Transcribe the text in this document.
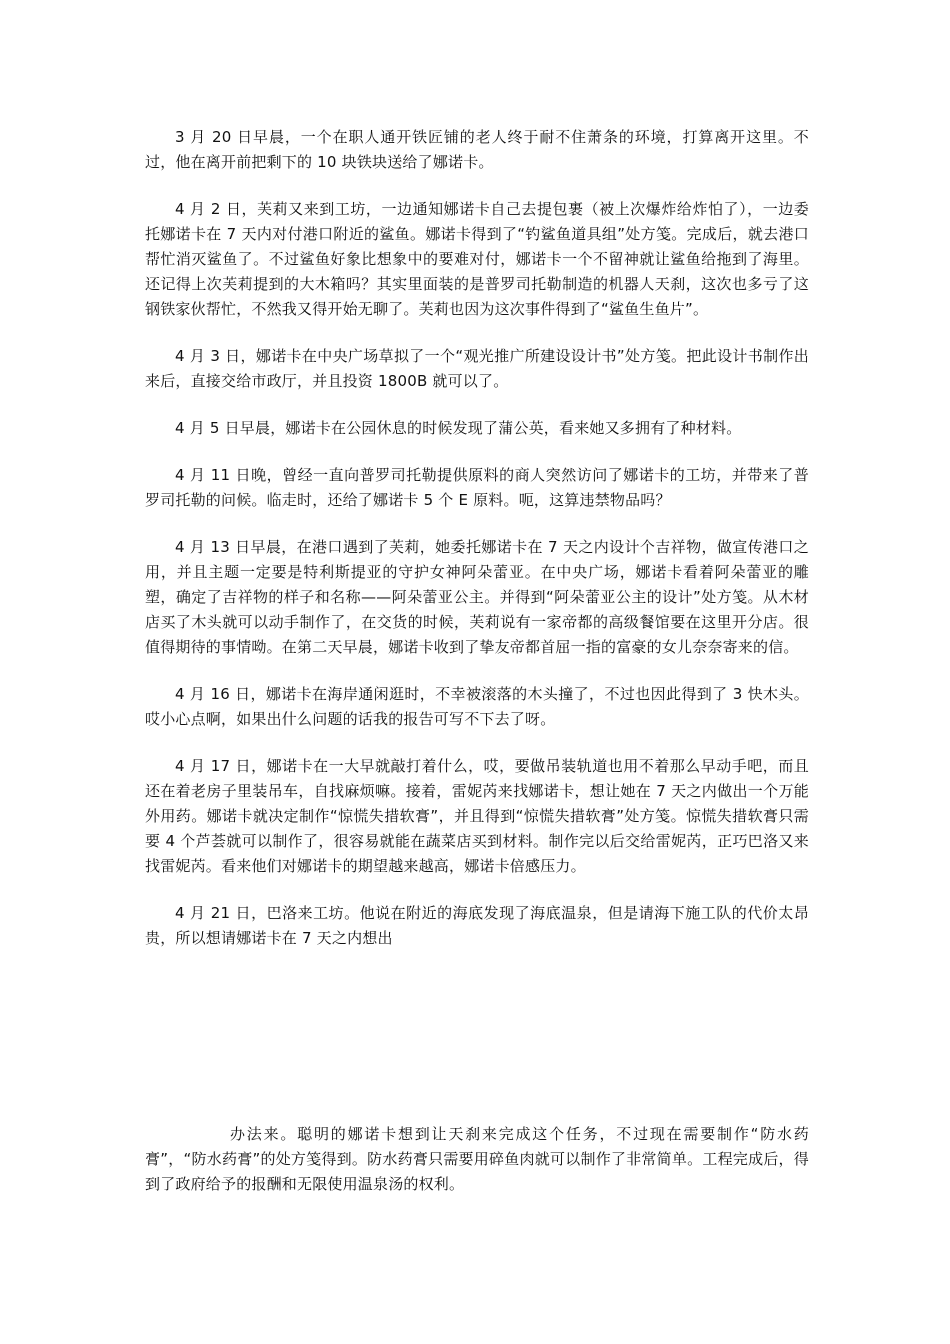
3 月 20 日早晨，一个在职人通开铁匠铺的老人终于耐不住萧条的环境，打算离开这里。不过，他在离开前把剩下的 10 块铁块送给了娜诺卡。

4 月 2 日，芙莉又来到工坊，一边通知娜诺卡自己去提包裹（被上次爆炸给炸怕了），一边委托娜诺卡在 7 天内对付港口附近的鲨鱼。娜诺卡得到了“钓鲨鱼道具组”处方笺。完成后，就去港口帮忙消灭鲨鱼了。不过鲨鱼好象比想象中的要难对付，娜诺卡一个不留神就让鲨鱼给拖到了海里。还记得上次芙莉提到的大木箱吗？其实里面装的是普罗司托勒制造的机器人天刹，这次也多亏了这钢铁家伙帮忙，不然我又得开始无聊了。芙莉也因为这次事件得到了“鲨鱼生鱼片”。

4 月 3 日，娜诺卡在中央广场草拟了一个“观光推广所建设设计书”处方笺。把此设计书制作出来后，直接交给市政厅，并且投资 1800B 就可以了。

4 月 5 日早晨，娜诺卡在公园休息的时候发现了蒲公英，看来她又多拥有了种材料。

4 月 11 日晚，曾经一直向普罗司托勒提供原料的商人突然访问了娜诺卡的工坊，并带来了普罗司托勒的问候。临走时，还给了娜诺卡 5 个 E 原料。呃，这算违禁物品吗？

4 月 13 日早晨，在港口遇到了芙莉，她委托娜诺卡在 7 天之内设计个吉祥物，做宣传港口之用，并且主题一定要是特利斯提亚的守护女神阿朵蕾亚。在中央广场，娜诺卡看着阿朵蕾亚的雕塑，确定了吉祥物的样子和名称——阿朵蕾亚公主。并得到“阿朵蕾亚公主的设计”处方笺。从木材店买了木头就可以动手制作了，在交货的时候，芙莉说有一家帝都的高级餐馆要在这里开分店。很值得期待的事情呦。在第二天早晨，娜诺卡收到了挚友帝都首屈一指的富豪的女儿奈奈寄来的信。

4 月 16 日，娜诺卡在海岸通闲逛时，不幸被滚落的木头撞了，不过也因此得到了 3 快木头。哎小心点啊，如果出什么问题的话我的报告可写不下去了呀。

4 月 17 日，娜诺卡在一大早就敲打着什么，哎，要做吊装轨道也用不着那么早动手吧，而且还在着老房子里装吊车，自找麻烦嘛。接着，雷妮芮来找娜诺卡，想让她在 7 天之内做出一个万能外用药。娜诺卡就决定制作“惊慌失措软膏”，并且得到“惊慌失措软膏”处方笺。惊慌失措软膏只需要 4 个芦荟就可以制作了，很容易就能在蔬菜店买到材料。制作完以后交给雷妮芮，正巧巴洛又来找雷妮芮。看来他们对娜诺卡的期望越来越高，娜诺卡倍感压力。

4 月 21 日，巴洛来工坊。他说在附近的海底发现了海底温泉，但是请海下施工队的代价太昂贵，所以想请娜诺卡在 7 天之内想出

办法来。聪明的娜诺卡想到让天刹来完成这个任务，不过现在需要制作“防水药膏”，“防水药膏”的处方笺得到。防水药膏只需要用碎鱼肉就可以制作了非常简单。工程完成后，得到了政府给予的报酬和无限使用温泉汤的权利。
